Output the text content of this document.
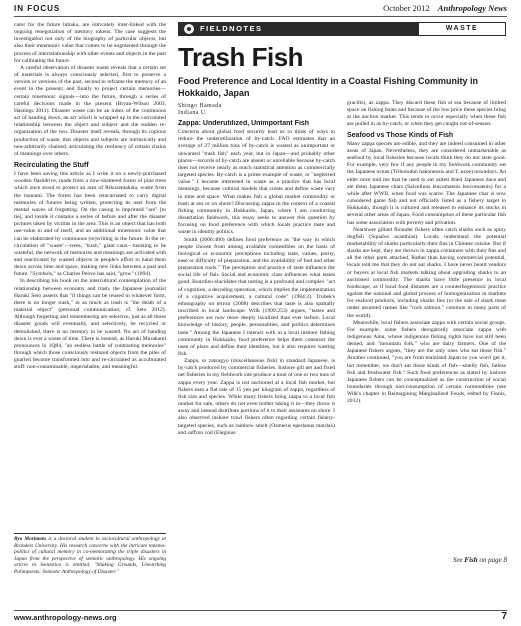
IN FOCUS	October 2012 Anthropology News

cator for the future hibaku, are intricately inter-linked with the ongoing renegotiation of memory tokens. The case suggests the investigation not only of the biography of particular objects, but also their mnemonic value that comes to be augmented through the process of interrelationship with other events and objects in the past for calibrating the future.

A careful observation of disaster waste reveals that a certain set of materials is always consciously selected, first to preserve a version or versions of the past, second to reframe the memory of an event in the present; and finally to project certain memories—certain mnemonic signals—into the future, through a series of careful decisions made in the present (Bryan-Wilson 2003, Hastings 2011). Disaster waste can be an index of the continuous act of handing down, an act which is wrapped up in the convoluted relationship between the object and subject and the sudden re-organization of the two. Disaster itself reveals, through its copious production of waste, that objects and subjects are intrinsically and non-arbitrarily chained, articulating the resiliency of certain chains of meanings over others.

Recirculating the Stuff

I have been saving this article as I write it on a newly-purchased wooden flashdrive, made from a now-shattered forest of pine trees which once stood to protect an area of Rikuzentakata, waste from the tsunami. The forest has been reincarnated to carry digital memories of futures being written, protecting its user from the mental waves of forgetting. On the casing is imprinted "are" [to tie], and inside it contains a series of before and after the disaster pictures taken by victims in the area. This is an object that has both use-value in and of itself, and an additional mnemonic value that can be elaborated by continuous (re)writing in the future. In the re-circulation of "waste"—trees, "trash," giant cans—insisting to be wasteful, the network of memories and meanings are activated with and reactivated by wasted objects in people's effort to hand them down across time and space, making new links between a past and future. "Symbols," as Charles Peirce has said, "grow" (1894).

In describing his book on the intercultural contemplation of the relationship between economy and trash, the Japanese journalist Haruki Seto asserts that "if things can be reused in whatever form, there is no longer trash," in as much as trash is "the death of a material object" (personal communication; cf. Seto 2012). Although forgetting and remembering are selective, just as all those disaster goods will eventually, and selectively, be recycled or demolished, there is no memory to be wasted. No act of handing down is ever a waste of time. There is instead, as Haruki Murakami pronounces in 1Q84, "an endless battle of contrasting memories" through which those consciously restored objects from the piles of gnarled become transformed into and re-circulated as acculturated stuff: non-contaminable, imperishable, and meaningful.

Ryo Morimoto is a doctoral student in sociocultural anthropology at Brandeis University. His research concerns with the intricate mnemo-politics of cultural memory in co-memorating the triple disasters in Japan from the perspective of semiotic anthropology. His ongoing article in Semiotica is entitled, "Shaking Grounds, Unearthing Palimpsests: Semiotic Anthropology of Disaster."
FIELDNOTES	WASTE
Trash Fish
Food Preference and Local Identity in a Coastal Fishing Community in Hokkaido, Japan
Shingo Hamada
Indiana U
Zappa: Underutilized, Unimportant Fish

Concerns about global food security lead us to think of ways to reduce the underutilization of by-catch. FAO estimates that an average of 27 million tons of by-catch is wasted as unimportant or unwanted "trash fish" each year, but in Japan—and probably other places—records of by-catch are absent or unreliable because by-catch does not receive nearly as much statistical attention as commercially targeted species. By-catch is a prime example of waste, or "neglected value." I became interested in waste as a practice that has local meanings, because cultural models that create and define waste vary in time and space. What makes fish a global market commodity or trash at sea or on shore? Discussing zappa in the context of a coastal fishing community in Hokkaido, Japan, where I am conducting dissertation fieldwork, this essay seeks to answer this question by focusing on food preference with which locals practice taste and waste in identity politics.

Smith (2006:480) defines food preference as "the way in which people choose from among available comestibles on the basis of biological or economic perceptions including taste, values, purity, ease or difficulty of preparation, and the availability of fuel and other preparation tools." The perception and practice of taste influence the social life of fish. Social and economic class influences what tastes good. Bourdieu elucidates that tasting is a profound and complex "act of cognition, a decoding operation, which implies the implementation of a cognitive acquirement, a cultural code" (1984:2). Trubek's ethnography on terroir (2008) describes that taste is also spatially inscribed in local landscape. Wilk (1999:253) argues, "tastes and preferences are now more deeply localized than ever before. Local knowledge of history, people, personalities, and politics determines taste." Among the Japanese I interact with in a local inshore fishing community in Hokkaido, food preference helps them construct the taste of place and define their identities, but it also requires wasting fish.

Zappa, or zatsugyo (miscellaneous fish) in standard Japanese, is by-catch produced by commercial fisheries. Inshore gill net and fixed net fisheries in my fieldwork site produce a total of one or two tons of zappa every year. Zappa is not auctioned at a local fish market, but fishers earn a flat rate of 15 yen per kilogram of zappa, regardless of fish size and species. While many fishers bring zappa to a local fish market for sale, others do not even bother taking it in—they throw it away and instead distribute portions of it to their assistants on shore. I also observed inshore trawl fishers often regarding certain fishery-targeted species, such as rainbow smelt (Osmerus eperlanus mordax) and saffron cod (Eleginus

gracilis), as zappa. They discard these fish at sea because of limited space on fishing boats and because of the low price these species bring at the auction market. This tends to occur especially when these fish are pulled in as by-catch, or when they get caught out-of-season.

Seafood vs Those Kinds of Fish

Many zappa species are edible, and they are indeed consumed in other areas of Japan. Nevertheless, they are considered unmarketable as seafood by local fisheries because locals think they do not taste good. For example, very few if any people in my fieldwork community eat the Japanese ocean (Tribolodon hakonensis and T. ezoe) nowadays. An elder once told me that he used to eat salted dried Japanese dace and ate them Japanese chars (Salvelinus leucomaenis leucomaenis) for a while after WWII, when food was scarce. The Japanese char is now considered game fish and not officially listed as a fishery target in Hokkaido, though it is cultured and released to enhance its stocks in several other areas of Japan. Food consumption of these particular fish has some association with poverty and privation.

Nearshore gillnet flounder fishers often catch sharks such as spiny dogfish (Squalus acanthias). Locals understand the potential marketability of sharks particularly their fins in Chinese cuisine. But if sharks are kept, they are thrown in zappa containers with their fins and all the other parts attached. Rather than having commercial potential, locals told me that they do not eat sharks. I have never heard vendors or buyers at local fish markets talking about upgrading sharks to an auctioned commodity. The sharks have little presence in local foodscape, as if local food distastes are a counterhegemonic practice against the national and global process of homogenization in markets for seafood products, including sharks fins (or the sale of shark meat under assumed names like "rock salmon," common in many parts of the world).

Meanwhile, local fishers associate zappa with certain social groups. For example, some fishers derogatorily associate zappa with indigenous Ainu, whose indigenous fishing rights have not still been denied, and "mountain folk," who are dairy farmers. One of the Japanese fishers argues, "they are the only ones who eat those fish." Another continued, "you are from mainland Japan so you won't get it, but remember, we don't eat those kinds of fish—smelly fish, fatless fish and freshwater fish." Such food preferences as stated by inshore Japanese fishers can be conceptualized as the construction of social boundaries through non-consumption of certain commodities (see Wilk's chapter in Reimagining Marginalized Foods, edited by Finnis, 2012).

See Fish on page 8
www.anthropology-news.org	7
